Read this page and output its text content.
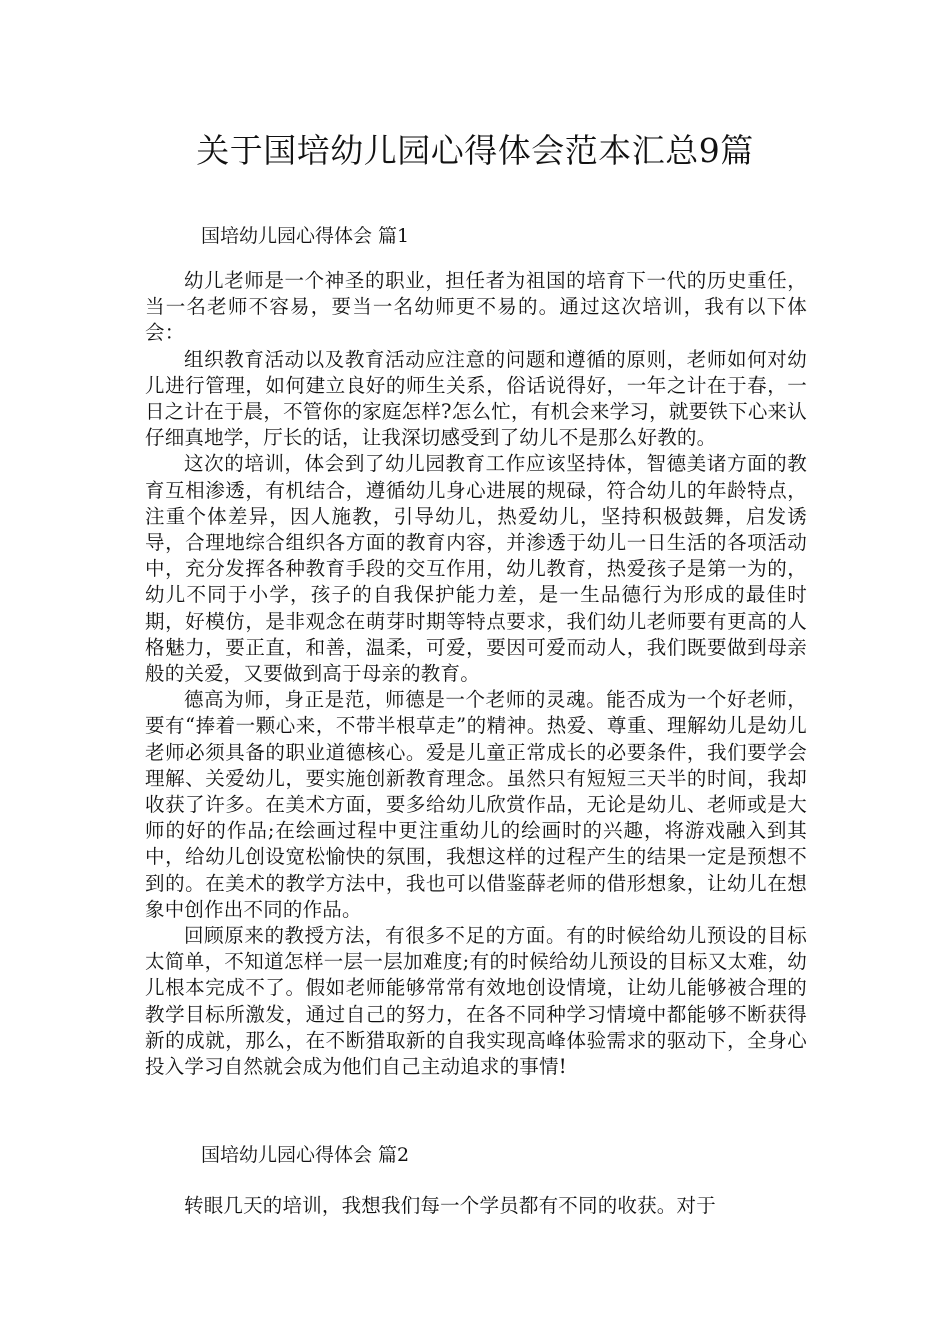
关于国培幼儿园心得体会范本汇总9篇
国培幼儿园心得体会 篇1

幼儿老师是一个神圣的职业，担任者为祖国的培育下一代的历史重任，当一名老师不容易，要当一名幼师更不易的。通过这次培训，我有以下体会：

组织教育活动以及教育活动应注意的问题和遵循的原则，老师如何对幼儿进行管理，如何建立良好的师生关系，俗话说得好，一年之计在于春，一日之计在于晨，不管你的家庭怎样?怎么忙，有机会来学习，就要铁下心来认仔细真地学，厅长的话，让我深切感受到了幼儿不是那么好教的。

这次的培训，体会到了幼儿园教育工作应该坚持体，智德美诸方面的教育互相渗透，有机结合，遵循幼儿身心进展的规碌，符合幼儿的年龄特点，注重个体差异，因人施教，引导幼儿，热爱幼儿，坚持积极鼓舞，启发诱导，合理地综合组织各方面的教育内容，并渗透于幼儿一日生活的各项活动中，充分发挥各种教育手段的交互作用，幼儿教育，热爱孩子是第一为的，幼儿不同于小学，孩子的自我保护能力差，是一生品德行为形成的最佳时期，好模仿，是非观念在萌芽时期等特点要求，我们幼儿老师要有更高的人格魅力，要正直，和善，温柔，可爱，要因可爱而动人，我们既要做到母亲般的关爱，又要做到高于母亲的教育。

德高为师，身正是范，师德是一个老师的灵魂。能否成为一个好老师，要有“捧着一颗心来，不带半根草走”的精神。热爱、尊重、理解幼儿是幼儿老师必须具备的职业道德核心。爱是儿童正常成长的必要条件，我们要学会理解、关爱幼儿，要实施创新教育理念。虽然只有短短三天半的时间，我却收获了许多。在美术方面，要多给幼儿欣赏作品，无论是幼儿、老师或是大师的好的作品;在绘画过程中更注重幼儿的绘画时的兴趣，将游戏融入到其中，给幼儿创设宽松愉快的氛围，我想这样的过程产生的结果一定是预想不到的。在美术的教学方法中，我也可以借鉴薛老师的借形想象，让幼儿在想象中创作出不同的作品。

回顾原来的教授方法，有很多不足的方面。有的时候给幼儿预设的目标太简单，不知道怎样一层一层加难度;有的时候给幼儿预设的目标又太难，幼儿根本完成不了。假如老师能够常常有效地创设情境，让幼儿能够被合理的教学目标所激发，通过自己的努力，在各不同种学习情境中都能够不断获得新的成就，那么，在不断猎取新的自我实现高峰体验需求的驱动下，全身心投入学习自然就会成为他们自己主动追求的事情!

国培幼儿园心得体会 篇2

转眼几天的培训，我想我们每一个学员都有不同的收获。对于
